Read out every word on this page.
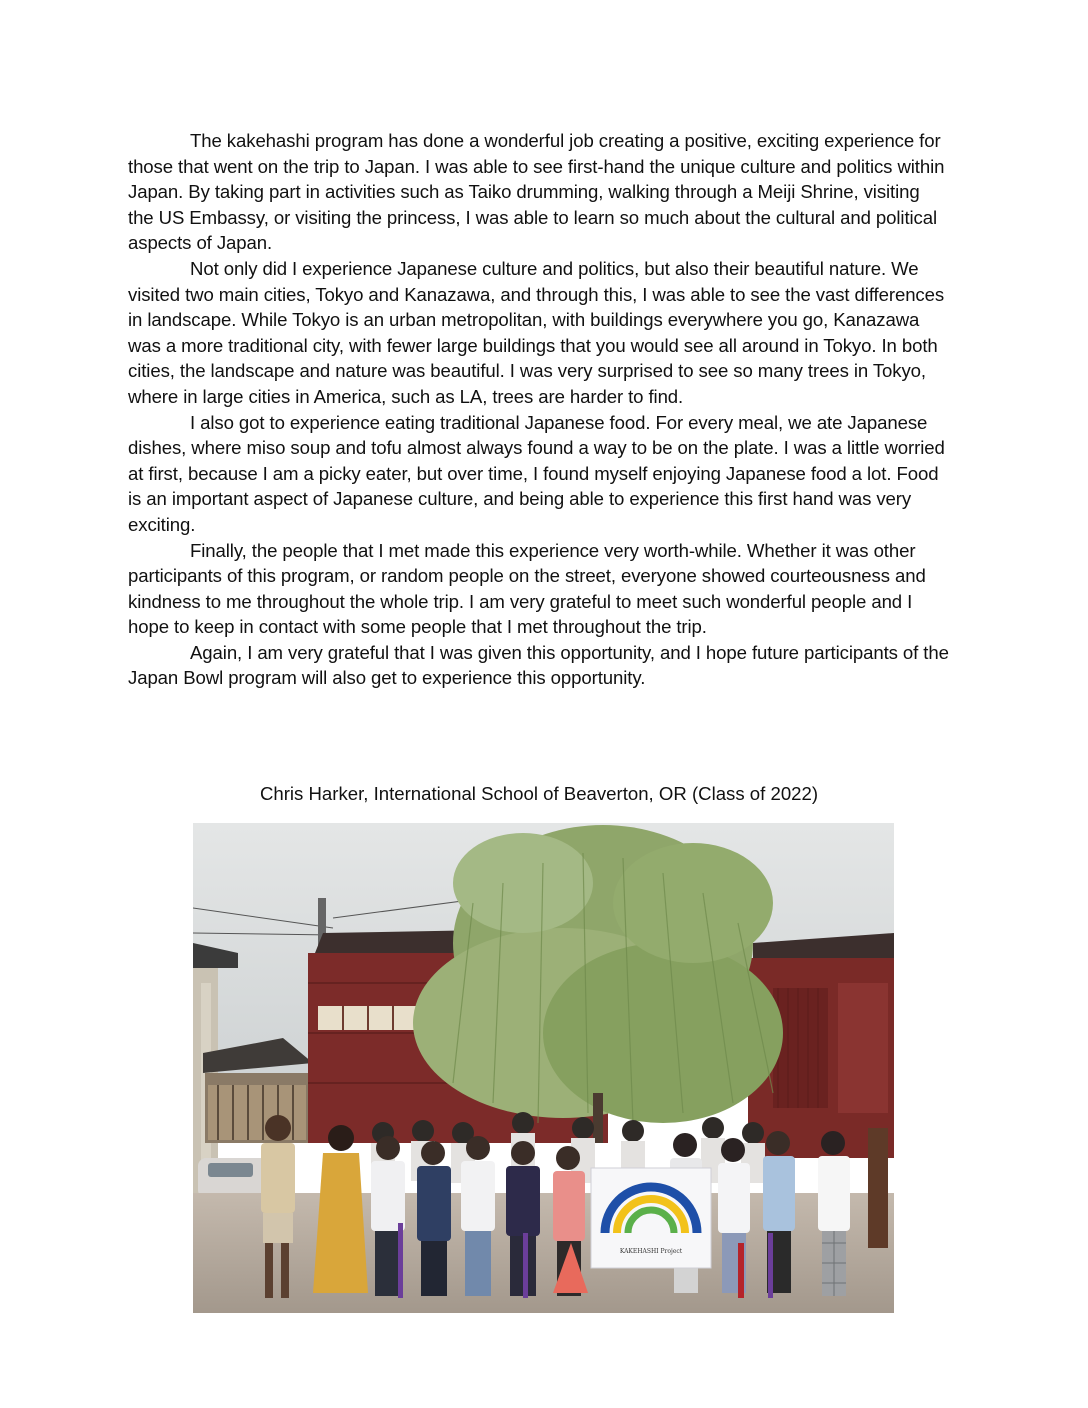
The kakehashi program has done a wonderful job creating a positive, exciting experience for those that went on the trip to Japan. I was able to see first-hand the unique culture and politics within Japan. By taking part in activities such as Taiko drumming, walking through a Meiji Shrine, visiting the US Embassy, or visiting the princess, I was able to learn so much about the cultural and political aspects of Japan.

Not only did I experience Japanese culture and politics, but also their beautiful nature. We visited two main cities, Tokyo and Kanazawa, and through this, I was able to see the vast differences in landscape. While Tokyo is an urban metropolitan, with buildings everywhere you go, Kanazawa was a more traditional city, with fewer large buildings that you would see all around in Tokyo. In both cities, the landscape and nature was beautiful. I was very surprised to see so many trees in Tokyo, where in large cities in America, such as LA, trees are harder to find.

I also got to experience eating traditional Japanese food. For every meal, we ate Japanese dishes, where miso soup and tofu almost always found a way to be on the plate. I was a little worried at first, because I am a picky eater, but over time, I found myself enjoying Japanese food a lot. Food is an important aspect of Japanese culture, and being able to experience this first hand was very exciting.

Finally, the people that I met made this experience very worth-while. Whether it was other participants of this program, or random people on the street, everyone showed courteousness and kindness to me throughout the whole trip. I am very grateful to meet such wonderful people and I hope to keep in contact with some people that I met throughout the trip.

Again, I am very grateful that I was given this opportunity, and I hope future participants of the Japan Bowl program will also get to experience this opportunity.

Chris Harker, International School of Beaverton, OR (Class of 2022)
KAKEHASHI Project
